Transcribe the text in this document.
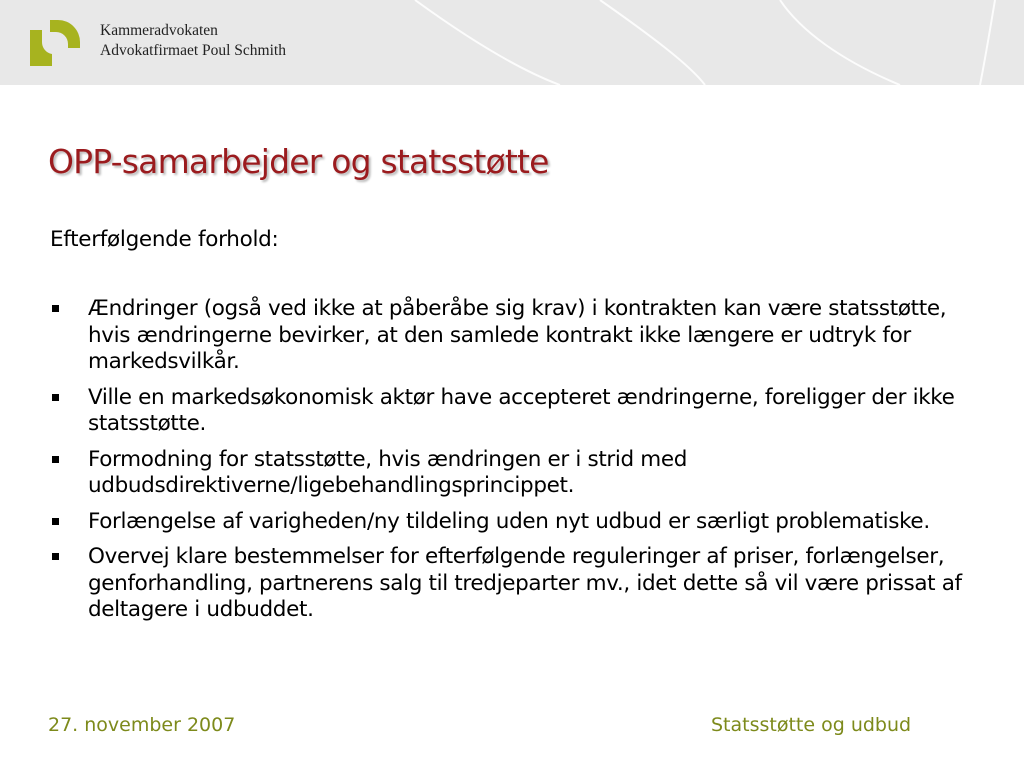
Kammeradvokaten
Advokatfirmaet Poul Schmith
OPP-samarbejder og statsstøtte
Efterfølgende forhold:
Ændringer (også ved ikke at påberåbe sig krav) i kontrakten kan være statsstøtte, hvis ændringerne bevirker, at den samlede kontrakt ikke længere er udtryk for markedsvilkår.
Ville en markedsøkonomisk aktør have accepteret ændringerne, foreligger der ikke statsstøtte.
Formodning for statsstøtte, hvis ændringen er i strid med udbudsdirektiverne/ligebehandlingsprincippet.
Forlængelse af varigheden/ny tildeling uden nyt udbud er særligt problematiske.
Overvej klare bestemmelser for efterfølgende reguleringer af priser, forlængelser, genforhandling, partnerens salg til tredjeparter mv., idet dette så vil være prissat af deltagere i udbuddet.
27. november 2007	Statsstøtte og udbud
